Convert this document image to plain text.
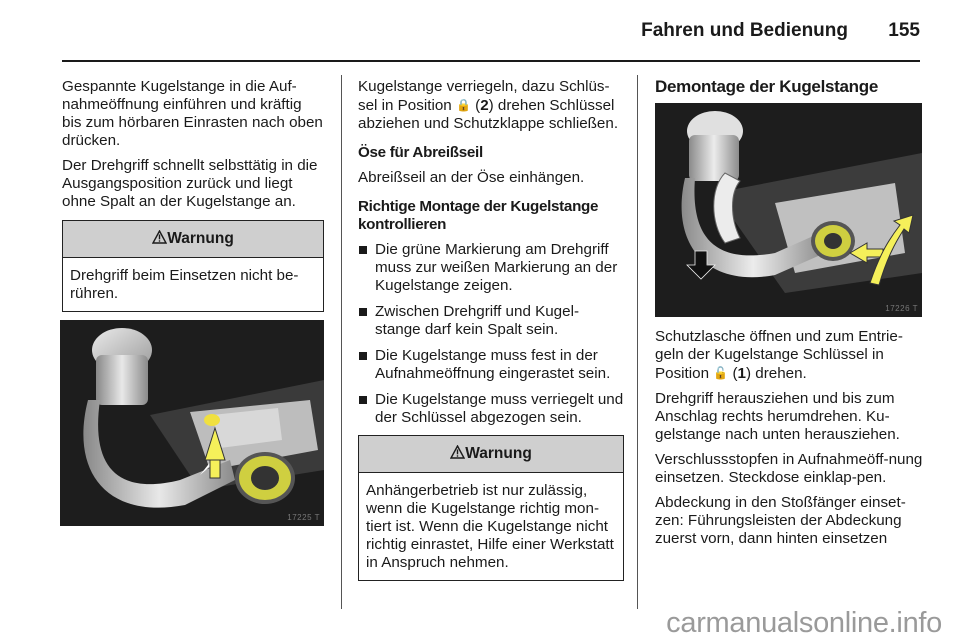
Fahren und Bedienung 155

Gespannte Kugelstange in die Auf-nahmeöffnung einführen und kräftig bis zum hörbaren Einrasten nach oben drücken.

Der Drehgriff schnellt selbsttätig in die Ausgangsposition zurück und liegt ohne Spalt an der Kugelstange an.

Warnung
Drehgriff beim Einsetzen nicht be-rühren.
17225 T

Kugelstange verriegeln, dazu Schlüs-sel in Position 🔒 (2) drehen Schlüssel abziehen und Schutzklappe schließen.

Öse für Abreißseil

Abreißseil an der Öse einhängen.

Richtige Montage der Kugelstange kontrollieren

Die grüne Markierung am Drehgriff muss zur weißen Markierung an der Kugelstange zeigen.
Zwischen Drehgriff und Kugel-stange darf kein Spalt sein.
Die Kugelstange muss fest in der Aufnahmeöffnung eingerastet sein.
Die Kugelstange muss verriegelt und der Schlüssel abgezogen sein.
Warnung
Anhängerbetrieb ist nur zulässig, wenn die Kugelstange richtig mon-tiert ist. Wenn die Kugelstange nicht richtig einrastet, Hilfe einer Werkstatt in Anspruch nehmen.
Demontage der Kugelstange
17226 T

Schutzlasche öffnen und zum Entrie-geln der Kugelstange Schlüssel in Position 🔓 (1) drehen.

Drehgriff herausziehen und bis zum Anschlag rechts herumdrehen. Ku-gelstange nach unten herausziehen.

Verschlussstopfen in Aufnahmeöff-nung einsetzen. Steckdose einklap-pen.

Abdeckung in den Stoßfänger einset-zen: Führungsleisten der Abdeckung zuerst vorn, dann hinten einsetzen

carmanualsonline.info
